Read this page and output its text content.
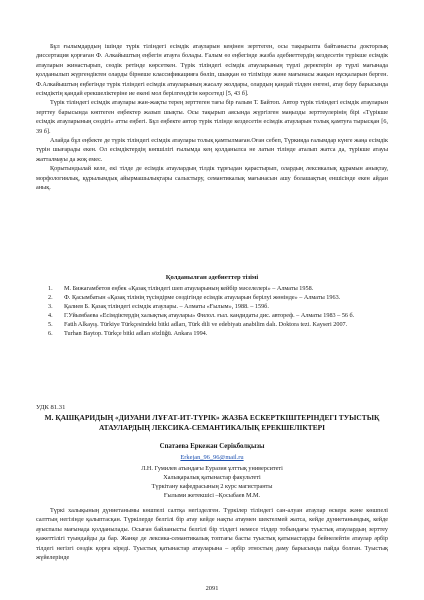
Бұл ғылымдардың ішінде түрік тіліндегі есімдік атауларын кеңінен зерттеген, осы тақырыпта байтанысты докторлық диссертация қорғаған Ф. Алкайыштың еңбегін атауға болады. Ғалым өз еңбегінде жазба әдебиеттердің кездесетін түрікше есімдік атауларын жинастырып, сөздік ретінде көрсеткен. Түрік тіліндегі есімдік атауларының түрлі деректерін әр түрлі мағынада қолданылып жүргендіктен оларды бірнеше классификацияға бөліп, шыққан өз тілімізде және мағынасы жақын нұсқаларын берген. Ф.Алкайыштың еңбегінде түрік тіліндегі есімдік атауларының жасалу жолдары, олардың қандай тілден енгені, атау беру барысында есімдіктің қандай ерекшеліктеріне ие екені мол берілгендігін көрсетеді [5, 43 б].

Түрік тіліндегі есімдік атаулары жан-жақты терең зерттеген тағы бір ғалым Т. Байтоп. Автор түрік тіліндегі есімдік атауларын зерттеу барысында көптеген еңбектер жазып шықты. Осы тақырып аясында жүргізген маңызды зерттеулерінің бірі «Түрікше есімдік атауларының сөздігі» атты еңбегі. Бұл еңбекте автор түрік тілінде кездесетін есімдік атауларын толық қамтуға тырысқан [6, 39 б].

Алайда бұл еңбекте де түрік тіліндегі есімдік атаулары толық қамтылмаған.Оған себеп, Түркияда ғалымдар күнге жаңа есімдік түрін шығарады екен. Ол есімдіктердің көпшілігі ғылымда кең қолданылса не латын тілінде аталып жатса да, түрікше атауы жатталмауы да жоқ емес.

Қорытындылай келе, екі тілде де есімдік атаулардың тілдік тұрғыдан қарастырып, олардың лексикалық құрамын анықтау, морфологиялық, құрылымдық айырмашылықтары салыстыру, семантикалық мағынасын ашу болашақтың еншісінде екен айдан анық.

Қолданылған әдебиеттер тізімі

1. М. Бижагамбетов еңбек «Қазақ тіліндегі шеп атауларының кейбір мәселелері» – Алматы 1958.

2. Ф. Қасымбатын «Қазақ тілінің түсіндірме сөздігінде есімдік атауларын берілуі жөнінде» – Алматы 1963.

3. Қалиев Б. Қазақ тіліндегі есімдік атаулары. – Алматы «Ғылым», 1988. – 159б.

4. Г.Уйымбаева «Есімдіктердің халықтық атаулары» Филол. ғыл. кандидаты дис. автореф. – Алматы 1983 – 56 б.

5. Fatih Alkayış. Türkiye Türkçesindeki bitki adları, Türk dili ve edebiyatı anabilim dalı. Doktora tezi. Kayseri 2007.

6. Turhan Baytop. Türkçe bitki adları sözlüğü. Ankara 1994.

УДК 81.31
М. ҚАШҚАРИДЫҢ «ДИУАНИ ЛҰҒАТ-ИТ-ТҮРІК» ЖАЗБА ЕСКЕРТКІШТЕРІНДЕГІ ТУЫСТЫҚ АТАУЛАРДЫҢ ЛЕКСИКА-СЕМАНТИКАЛЫҚ ЕРЕКШЕЛІКТЕРІ
Спатаева Еркежан Серікболқызы
Erkejan_96_96@mail.ru
Л.Н. Гумилев атындағы Еуразия ұлттық университеті
Халықаралық қатынастар факультеті
Түркітану кафедрасының 2 курс магистранты
Ғылыми жетекшісі –Қосыбаев М.М.

Түркі халықының дүниетанымы көшпелі салтқа негізделген. Түркілер тіліндегі сан-алуан атаулар өскерк және көшпелі салттың негізінде қалыптасқан. Түркілерде белгілі бір атау кейде нақты атаумен шектелмей жатса, кейде дүниетанымдық, кейде ауыспалы мағынада қолданылады. Осыған байланысты белгілі бір тілдегі немесе тілдер тобындағы туыстық атаулардың зерттеу қажеттілігі туындайды да бар. Жанқе де лексика-семантикалық топтағы басты туыстық қатынастарды бейнелейтін атаулар әрбір тілдегі негізгі сөздік қорға кіреді. Туыстық қатынастар атауларына – әрбір этностың даму барысында пайда болған. Туыстық жүйелерінде

2091
